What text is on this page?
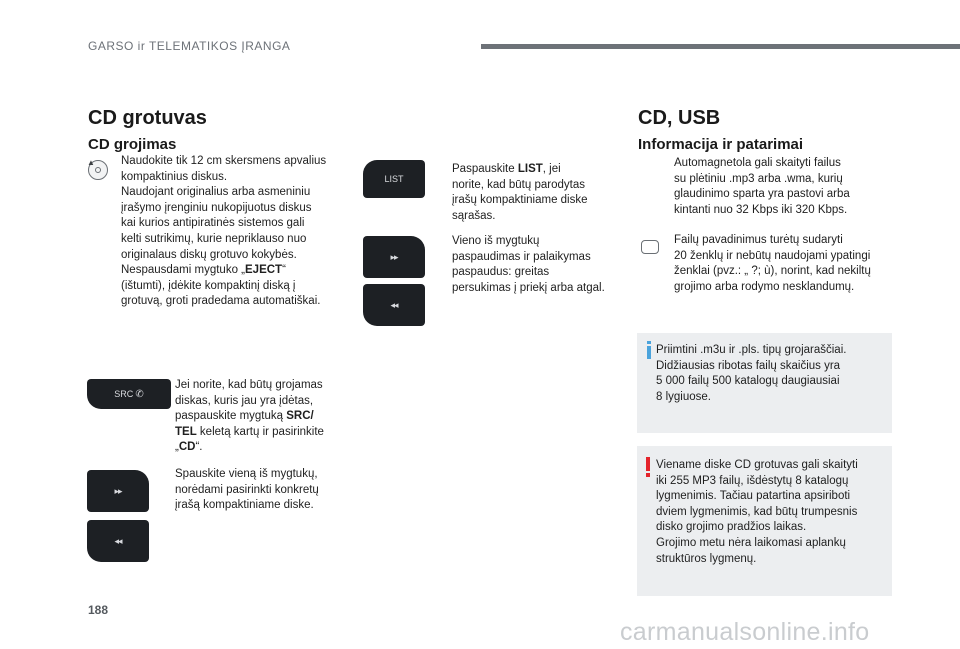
GARSO ir TELEMATIKOS ĮRANGA
CD grotuvas
CD grojimas
▲ Naudokite tik 12 cm skersmens apvalius
kompaktinius diskus.
Naudojant originalius arba asmeniniu
įrašymo įrenginiu nukopijuotus diskus
kai kurios antipiratinės sistemos gali
kelti sutrikimų, kurie nepriklauso nuo
originalaus diskų grotuvo kokybės.
Nespausdami mygtuko „EJECT“
(ištumti), įdėkite kompaktinį diską į
grotuvą, groti pradedama automatiškai.
SRC ✆
Jei norite, kad būtų grojamas
diskas, kuris jau yra įdėtas,
paspauskite mygtuką SRC/
TEL keletą kartų ir pasirinkite
„CD“.
▸▸
◂◂
Spauskite vieną iš mygtukų,
norėdami pasirinkti konkretų
įrašą kompaktiniame diske.
LIST
Paspauskite LIST, jei
norite, kad būtų parodytas
įrašų kompaktiniame diske
sąrašas.
▸▸
◂◂
Vieno iš mygtukų
paspaudimas ir palaikymas
paspaudus: greitas
persukimas į priekį arba atgal.
CD, USB
Informacija ir patarimai
Automagnetola gali skaityti failus
su plėtiniu .mp3 arba .wma, kurių
glaudinimo sparta yra pastovi arba
kintanti nuo 32 Kbps iki 320 Kbps.
Failų pavadinimus turėtų sudaryti
20 ženklų ir nebūtų naudojami ypatingi
ženklai (pvz.: „ ?; ù), norint, kad nekiltų
grojimo arba rodymo nesklandumų.
Priimtini .m3u ir .pls. tipų grojaraščiai.
Didžiausias ribotas failų skaičius yra
5 000 failų 500 katalogų daugiausiai
8 lygiuose.
Viename diske CD grotuvas gali skaityti
iki 255 MP3 failų, išdėstytų 8 katalogų
lygmenimis. Tačiau patartina apsiriboti
dviem lygmenimis, kad būtų trumpesnis
disko grojimo pradžios laikas.
Grojimo metu nėra laikomasi aplankų
struktūros lygmenų.
188
carmanualsonline.info
